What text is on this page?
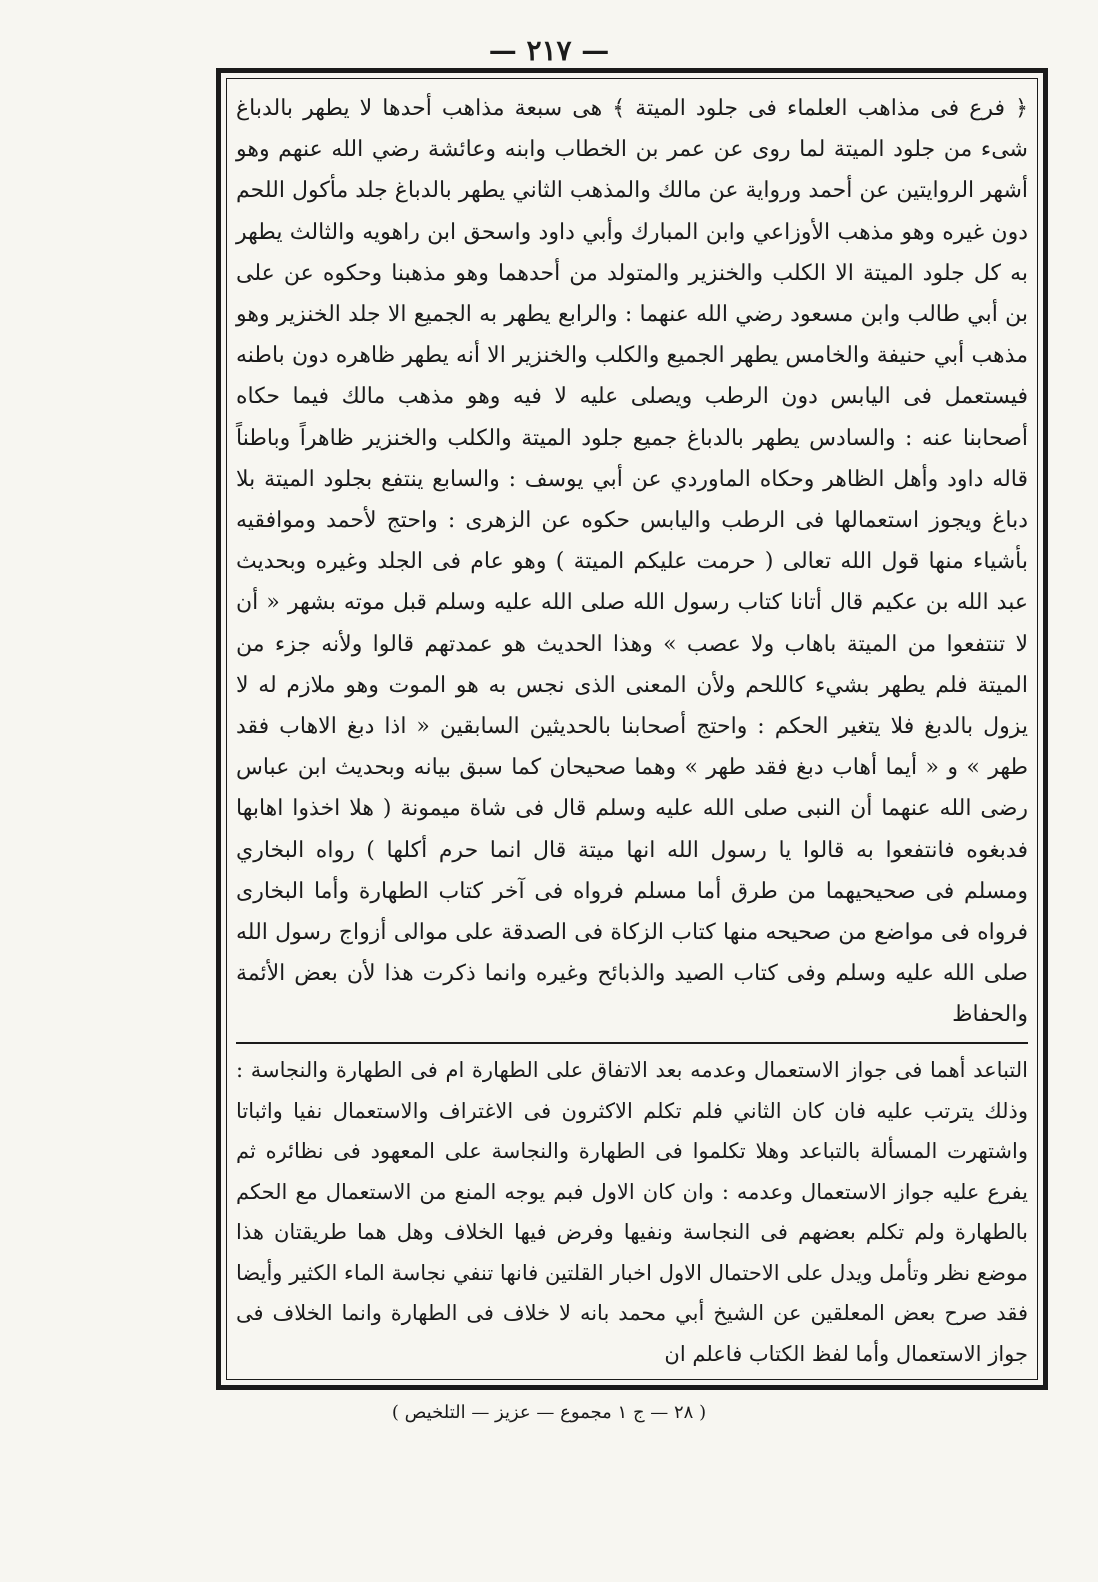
— ٢١٧ —

﴿ فرع فى مذاهب العلماء فى جلود الميتة ﴾ هى سبعة مذاهب أحدها لا يطهر بالدباغ شىء من جلود الميتة لما روى عن عمر بن الخطاب وابنه وعائشة رضي الله عنهم وهو أشهر الروايتين عن أحمد ورواية عن مالك والمذهب الثاني يطهر بالدباغ جلد مأكول اللحم دون غيره وهو مذهب الأوزاعي وابن المبارك وأبي داود واسحق ابن راهويه والثالث يطهر به كل جلود الميتة الا الكلب والخنزير والمتولد من أحدهما وهو مذهبنا وحكوه عن على بن أبي طالب وابن مسعود رضي الله عنهما : والرابع يطهر به الجميع الا جلد الخنزير وهو مذهب أبي حنيفة والخامس يطهر الجميع والكلب والخنزير الا أنه يطهر ظاهره دون باطنه فيستعمل فى اليابس دون الرطب ويصلى عليه لا فيه وهو مذهب مالك فيما حكاه أصحابنا عنه : والسادس يطهر بالدباغ جميع جلود الميتة والكلب والخنزير ظاهراً وباطناً قاله داود وأهل الظاهر وحكاه الماوردي عن أبي يوسف : والسابع ينتفع بجلود الميتة بلا دباغ ويجوز استعمالها فى الرطب واليابس حكوه عن الزهرى : واحتج لأحمد وموافقيه بأشياء منها قول الله تعالى ( حرمت عليكم الميتة ) وهو عام فى الجلد وغيره وبحديث عبد الله بن عكيم قال أتانا كتاب رسول الله صلى الله عليه وسلم قبل موته بشهر « أن لا تنتفعوا من الميتة باهاب ولا عصب » وهذا الحديث هو عمدتهم قالوا ولأنه جزء من الميتة فلم يطهر بشيء كاللحم ولأن المعنى الذى نجس به هو الموت وهو ملازم له لا يزول بالدبغ فلا يتغير الحكم : واحتج أصحابنا بالحديثين السابقين « اذا دبغ الاهاب فقد طهر » و « أيما أهاب دبغ فقد طهر » وهما صحيحان كما سبق بيانه وبحديث ابن عباس رضى الله عنهما أن النبى صلى الله عليه وسلم قال فى شاة ميمونة ( هلا اخذوا اهابها فدبغوه فانتفعوا به قالوا يا رسول الله انها ميتة قال انما حرم أكلها ) رواه البخاري ومسلم فى صحيحيهما من طرق أما مسلم فرواه فى آخر كتاب الطهارة وأما البخارى فرواه فى مواضع من صحيحه منها كتاب الزكاة فى الصدقة على موالى أزواج رسول الله صلى الله عليه وسلم وفى كتاب الصيد والذبائح وغيره وانما ذكرت هذا لأن بعض الأئمة والحفاظ

التباعد أهما فى جواز الاستعمال وعدمه بعد الاتفاق على الطهارة ام فى الطهارة والنجاسة : وذلك يترتب عليه فان كان الثاني فلم تكلم الاكثرون فى الاغتراف والاستعمال نفيا واثباتا واشتهرت المسألة بالتباعد وهلا تكلموا فى الطهارة والنجاسة على المعهود فى نظائره ثم يفرع عليه جواز الاستعمال وعدمه : وان كان الاول فبم يوجه المنع من الاستعمال مع الحكم بالطهارة ولم تكلم بعضهم فى النجاسة ونفيها وفرض فيها الخلاف وهل هما طريقتان هذا موضع نظر وتأمل ويدل على الاحتمال الاول اخبار القلتين فانها تنفي نجاسة الماء الكثير وأيضا فقد صرح بعض المعلقين عن الشيخ أبي محمد بانه لا خلاف فى الطهارة وانما الخلاف فى جواز الاستعمال وأما لفظ الكتاب فاعلم ان

( ٢٨ — ج ١ مجموع — عزيز — التلخيص )
